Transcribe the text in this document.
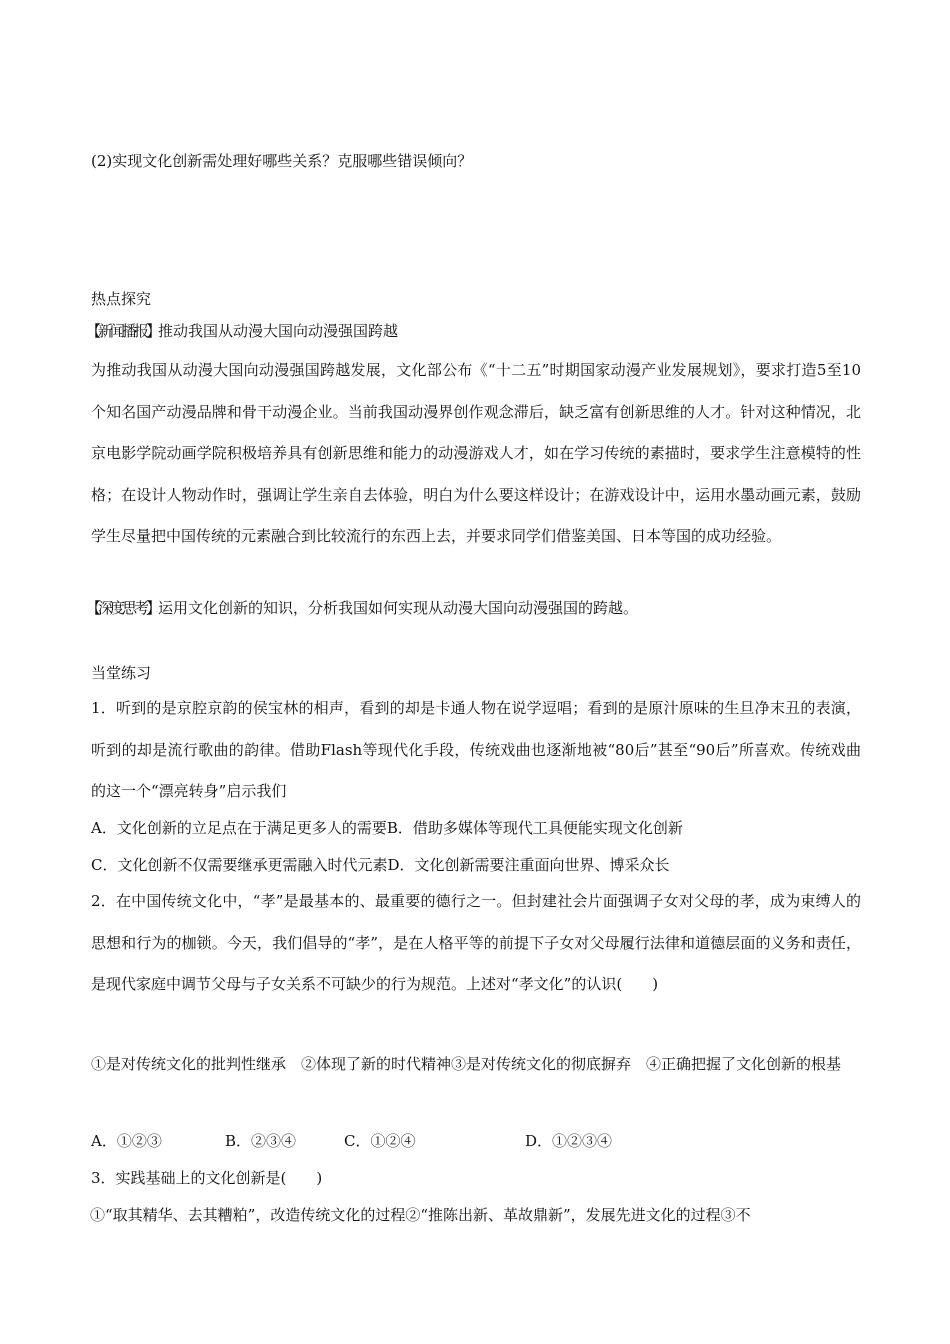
(2)实现文化创新需处理好哪些关系？克服哪些错误倾向？
热点探究
【新闻播报】推动我国从动漫大国向动漫强国跨越
为推动我国从动漫大国向动漫强国跨越发展，文化部公布《“十二五”时期国家动漫产业发展规划》，要求打造5至10个知名国产动漫品牌和骨干动漫企业。当前我国动漫界创作观念滞后，缺乏富有创新思维的人才。针对这种情况，北京电影学院动画学院积极培养具有创新思维和能力的动漫游戏人才，如在学习传统的素描时，要求学生注意模特的性格；在设计人物动作时，强调让学生亲自去体验，明白为什么要这样设计；在游戏设计中，运用水墨动画元素，鼓励学生尽量把中国传统的元素融合到比较流行的东西上去，并要求同学们借鉴美国、日本等国的成功经验。
【深度思考】运用文化创新的知识，分析我国如何实现从动漫大国向动漫强国的跨越。
当堂练习
1．听到的是京腔京韵的侯宝林的相声，看到的却是卡通人物在说学逗唱；看到的是原汁原味的生旦净末丑的表演，听到的却是流行歌曲的韵律。借助Flash等现代化手段，传统戏曲也逐渐地被“80后”甚至“90后”所喜欢。传统戏曲的这一个“漂亮转身”启示我们
A．文化创新的立足点在于满足更多人的需要B．借助多媒体等现代工具便能实现文化创新
C．文化创新不仅需要继承更需融入时代元素D．文化创新需要注重面向世界、博采众长
2．在中国传统文化中，“孝”是最基本的、最重要的德行之一。但封建社会片面强调子女对父母的孝，成为束缚人的思想和行为的枷锁。今天，我们倡导的“孝”，是在人格平等的前提下子女对父母履行法律和道德层面的义务和责任，是现代家庭中调节父母与子女关系不可缺少的行为规范。上述对“孝文化”的认识(　　)
①是对传统文化的批判性继承　②体现了新的时代精神③是对传统文化的彻底摒弃　④正确把握了文化创新的根基
A．①②③	B．②③④	C．①②④	D．①②③④
3．实践基础上的文化创新是(　　)
①“取其精华、去其糟粕”，改造传统文化的过程②“推陈出新、革故鼎新”，发展先进文化的过程③不
